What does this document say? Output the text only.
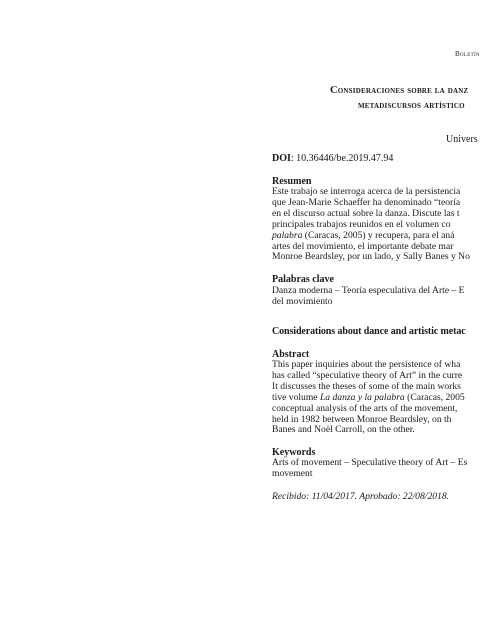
Boletín
Consideraciones sobre la danz
metadiscursos artístico
Univers
DOI: 10.36446/be.2019.47.94
Resumen
Este trabajo se interroga acerca de la persistencia
que Jean-Marie Schaeffer ha denominado “teoría
en el discurso actual sobre la danza. Discute las t
principales trabajos reunidos en el volumen co
palabra (Caracas, 2005) y recupera, para el aná
artes del movimiento, el importante debate mar
Monroe Beardsley, por un lado, y Sally Banes y No
Palabras clave
Danza moderna – Teoría especulativa del Arte – E
del movimiento
Considerations about dance and artistic metac
Abstract
This paper inquiries about the persistence of wha
has called “speculative theory of Art” in the curre
It discusses the theses of some of the main works
tive volume La danza y la palabra (Caracas, 2005
conceptual analysis of the arts of the movement,
held in 1982 between Monroe Beardsley, on th
Banes and Noël Carroll, on the other.
Keywords
Arts of movement – Speculative theory of Art – Es
movement
Recibido: 11/04/2017. Aprobado: 22/08/2018.
